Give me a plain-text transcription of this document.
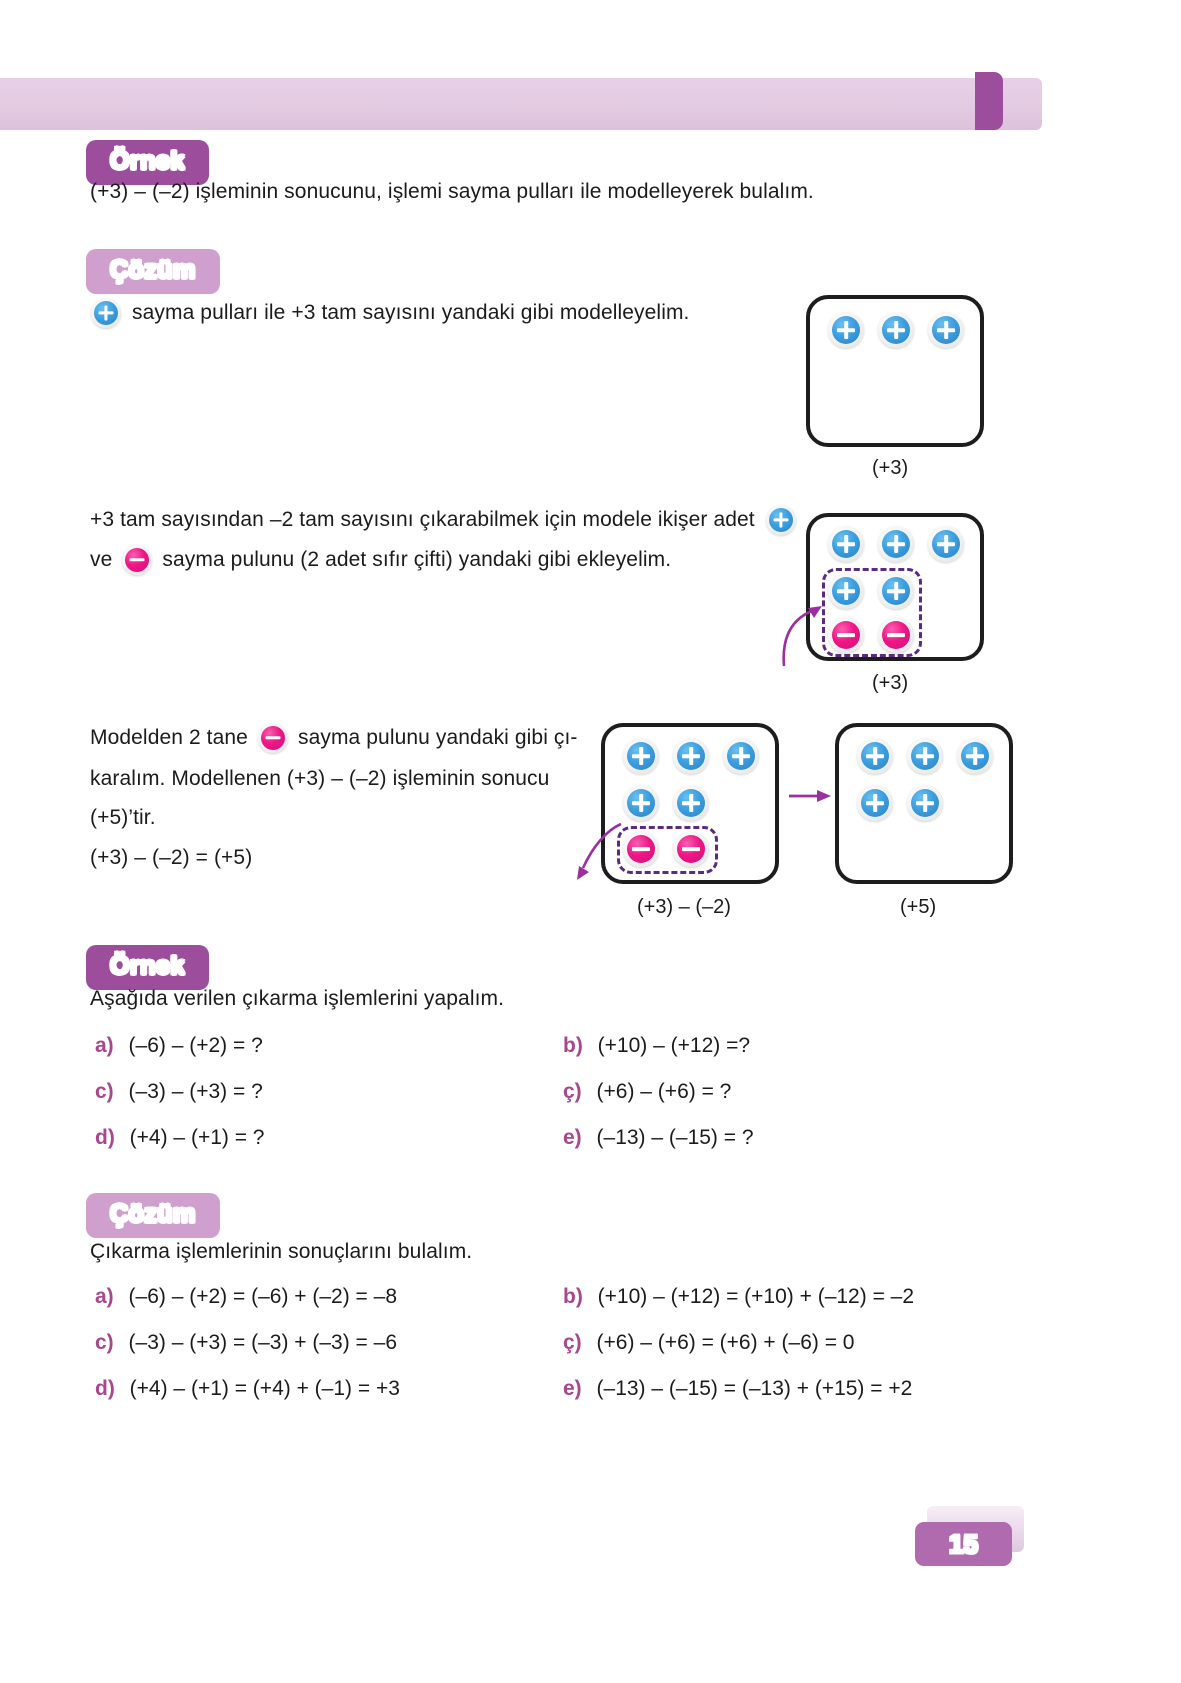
Örnek
(+3) – (–2) işleminin sonucunu, işlemi sayma pulları ile modelleyerek bulalım.
Çözüm
sayma pulları ile +3 tam sayısını yandaki gibi modelleyelim.
(+3)
+3 tam sayısından –2 tam sayısını çıkarabilmek için modele ikişer adet
ve sayma pulunu (2 adet sıfır çifti) yandaki gibi ekleyelim.
(+3)
Modelden 2 tane sayma pulunu yandaki gibi çı-
karalım. Modellenen (+3) – (–2) işleminin sonucu
(+5)’tir.
(+3) – (–2) = (+5)
(+3) – (–2)	(+5)
Örnek
Aşağıda verilen çıkarma işlemlerini yapalım.
a) (–6) – (+2) = ?	b) (+10) – (+12) =?
c) (–3) – (+3) = ?	ç) (+6) – (+6) = ?
d) (+4) – (+1) = ?	e) (–13) – (–15) = ?
Çözüm
Çıkarma işlemlerinin sonuçlarını bulalım.
a) (–6) – (+2) = (–6) + (–2) = –8	b) (+10) – (+12) = (+10) + (–12) = –2
c) (–3) – (+3) = (–3) + (–3) = –6	ç) (+6) – (+6) = (+6) + (–6) = 0
d) (+4) – (+1) = (+4) + (–1) = +3	e) (–13) – (–15) = (–13) + (+15) = +2
15
